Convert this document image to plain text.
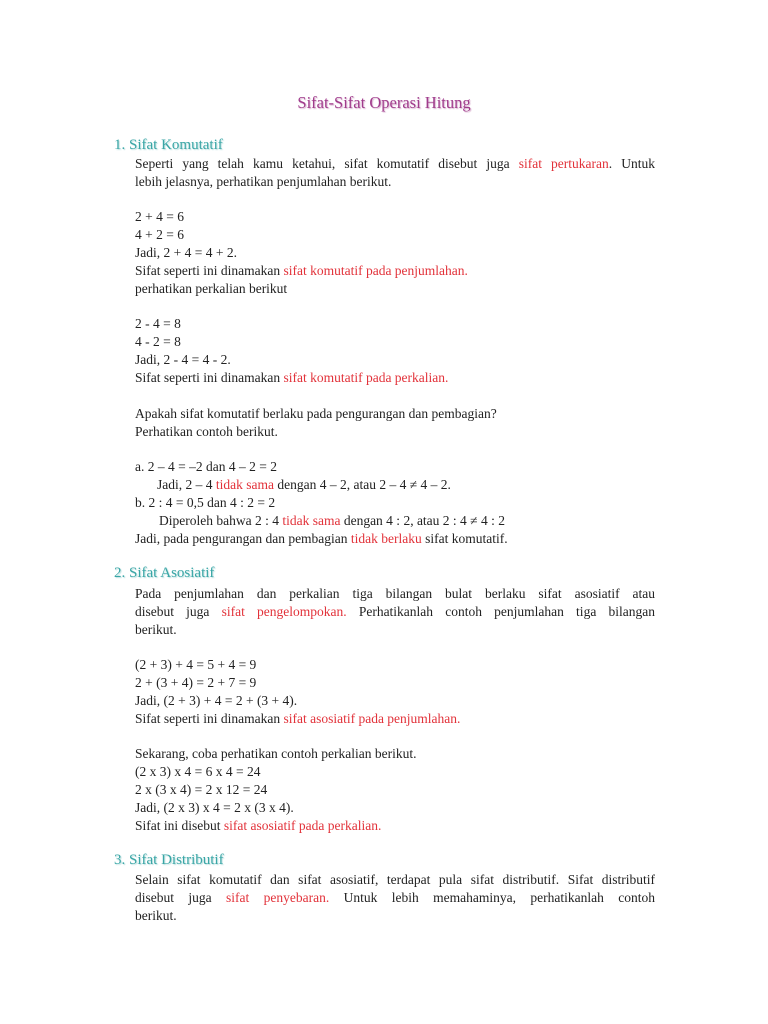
Sifat-Sifat Operasi Hitung
1. Sifat Komutatif
Seperti yang telah kamu ketahui, sifat komutatif disebut juga sifat pertukaran. Untuk
lebih jelasnya, perhatikan penjumlahan berikut.
2 + 4 = 6
4 + 2 = 6
Jadi, 2 + 4 = 4 + 2.
Sifat seperti ini dinamakan sifat komutatif pada penjumlahan.
perhatikan perkalian berikut
2 - 4 = 8
4 - 2 = 8
Jadi, 2 - 4 = 4 - 2.
Sifat seperti ini dinamakan sifat komutatif pada perkalian.
Apakah sifat komutatif berlaku pada pengurangan dan pembagian?
Perhatikan contoh berikut.
a. 2 – 4 = –2 dan 4 – 2 = 2
Jadi, 2 – 4 tidak sama dengan 4 – 2, atau 2 – 4 ≠ 4 – 2.
b. 2 : 4 = 0,5 dan 4 : 2 = 2
Diperoleh bahwa 2 : 4 tidak sama dengan 4 : 2, atau 2 : 4 ≠ 4 : 2
Jadi, pada pengurangan dan pembagian tidak berlaku sifat komutatif.
2. Sifat Asosiatif
Pada penjumlahan dan perkalian tiga bilangan bulat berlaku sifat asosiatif atau
disebut juga sifat pengelompokan. Perhatikanlah contoh penjumlahan tiga bilangan
berikut.
(2 + 3) + 4 = 5 + 4 = 9
2 + (3 + 4) = 2 + 7 = 9
Jadi, (2 + 3) + 4 = 2 + (3 + 4).
Sifat seperti ini dinamakan sifat asosiatif pada penjumlahan.
Sekarang, coba perhatikan contoh perkalian berikut.
(2 x 3) x 4 = 6 x 4 = 24
2 x (3 x 4) = 2 x 12 = 24
Jadi, (2 x 3) x 4 = 2 x (3 x 4).
Sifat ini disebut sifat asosiatif pada perkalian.
3. Sifat Distributif
Selain sifat komutatif dan sifat asosiatif, terdapat pula sifat distributif. Sifat distributif
disebut juga sifat penyebaran. Untuk lebih memahaminya, perhatikanlah contoh
berikut.
